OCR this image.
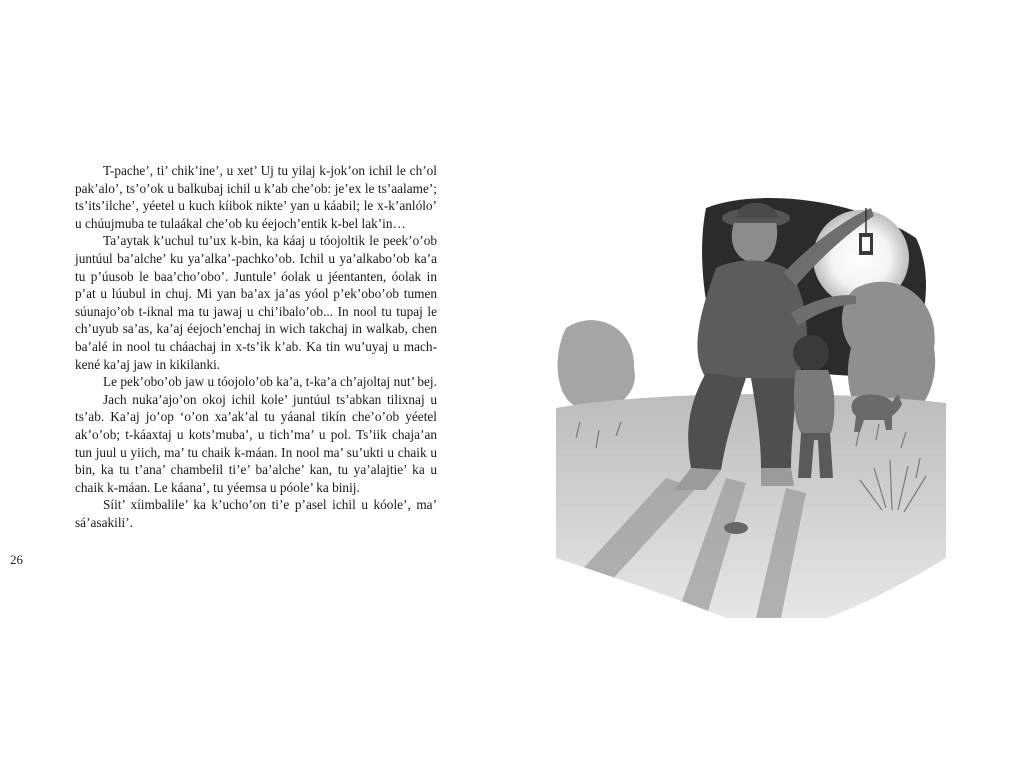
26

T-pache’, ti’ chik’ine’, u xet’ Uj tu yilaj k-jok’on ichil le ch’ol pak’alo’, ts’o’ok u balkubaj ichil u k’ab che’ob: je’ex le ts’aalame’; ts’its’ilche’, yéetel u kuch kíibok nikte’ yan u káabil; le x-k’anlólo’ u chúujmuba te tulaákal che’ob ku éejoch’entik k-bel lak’in…

Ta’aytak k’uchul tu’ux k-bin, ka káaj u tóojoltik le peek’o’ob juntúul ba’alche’ ku ya’alka’-pachko’ob. Ichil u ya’alkabo’ob ka’a tu p’úusob le baa’cho’obo’. Juntule’ óolak u jéentanten, óolak in p’at u lúubul in chuj. Mi yan ba’ax ja’as yóol p’ek’obo’ob tumen súunajo’ob t-iknal ma tu jawaj u chi’ibalo’ob... In nool tu tupaj le ch’uyub sa’as, ka’aj éejoch’enchaj in wich takchaj in walkab, chen ba’alé in nool tu cháachaj in x-ts’ik k’ab. Ka tin wu’uyaj u mach-kené ka’aj jaw in kikilanki.

Le pek’obo’ob jaw u tóojolo’ob ka’a, t-ka’a ch’ajoltaj nut’ bej.

Jach nuka’ajo’on okoj ichil kole’ juntúul ts’abkan tilixnaj u ts’ab. Ka’aj jo’op ‘o’on xa’ak’al tu yáanal tikín che’o’ob yéetel ak’o’ob; t-káaxtaj u kots’muba’, u tich’ma’ u pol. Ts’iik chaja’an tun juul u yiich, ma’ tu chaik k-máan. In nool ma’ su’ukti u chaik u bin, ka tu t’ana’ chambelil ti’e’ ba’alche’ kan, tu ya’alajtie’ ka u chaik k-máan. Le káana’, tu yéemsa u póole’ ka binij.

Síit’ xíimbalile’ ka k’ucho’on ti’e p’asel ichil u kóole’, ma’ sá’asakili’.
